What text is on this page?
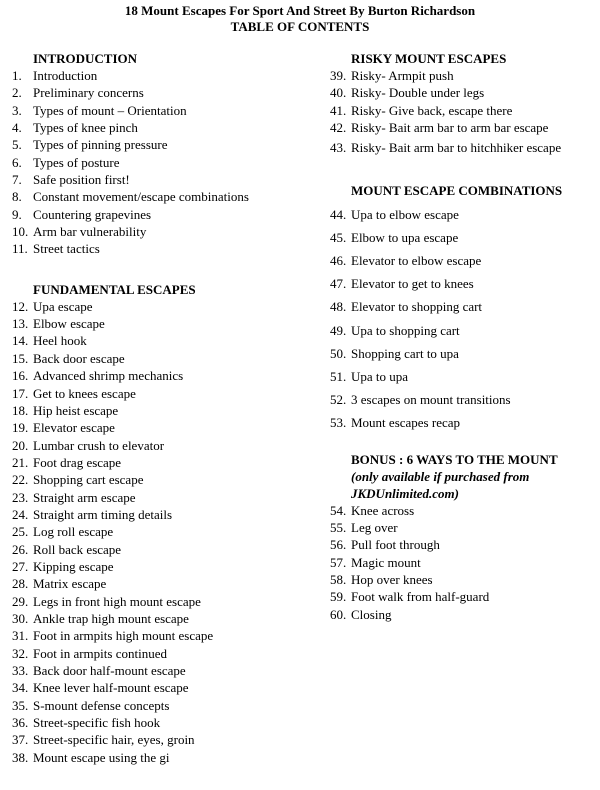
18 Mount Escapes For Sport And Street By Burton Richardson
TABLE OF CONTENTS
INTRODUCTION
1. Introduction
2. Preliminary concerns
3. Types of mount – Orientation
4. Types of knee pinch
5. Types of pinning pressure
6. Types of posture
7. Safe position first!
8. Constant movement/escape combinations
9. Countering grapevines
10. Arm bar vulnerability
11. Street tactics
FUNDAMENTAL ESCAPES
12. Upa escape
13. Elbow escape
14. Heel hook
15. Back door escape
16. Advanced shrimp mechanics
17. Get to knees escape
18. Hip heist escape
19. Elevator escape
20. Lumbar crush to elevator
21. Foot drag escape
22. Shopping cart escape
23. Straight arm escape
24. Straight arm timing details
25. Log roll escape
26. Roll back escape
27. Kipping escape
28. Matrix escape
29. Legs in front high mount escape
30. Ankle trap high mount escape
31. Foot in armpits high mount escape
32. Foot in armpits continued
33. Back door half-mount escape
34. Knee lever half-mount escape
35. S-mount defense concepts
36. Street-specific fish hook
37. Street-specific hair, eyes, groin
38. Mount escape using the gi
RISKY MOUNT ESCAPES
39. Risky- Armpit push
40. Risky- Double under legs
41. Risky- Give back, escape there
42. Risky- Bait arm bar to arm bar escape
43. Risky- Bait arm bar to hitchhiker escape
MOUNT ESCAPE COMBINATIONS
44. Upa to elbow escape
45. Elbow to upa escape
46. Elevator to elbow escape
47. Elevator to get to knees
48. Elevator to shopping cart
49. Upa to shopping cart
50. Shopping cart to upa
51. Upa to upa
52. 3 escapes on mount transitions
53. Mount escapes recap
BONUS : 6 WAYS TO THE MOUNT
(only available if purchased from
JKDUnlimited.com)
54. Knee across
55. Leg over
56. Pull foot through
57. Magic mount
58. Hop over knees
59. Foot walk from half-guard
60. Closing
